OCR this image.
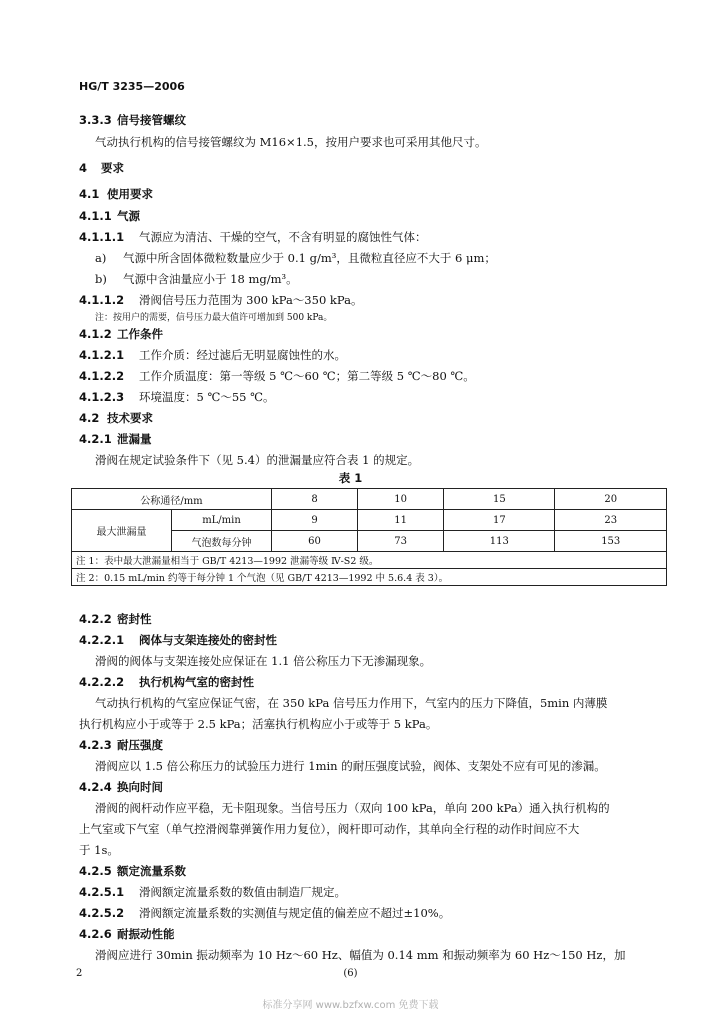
HG/T 3235—2006
3.3.3 信号接管螺纹
气动执行机构的信号接管螺纹为 M16×1.5，按用户要求也可采用其他尺寸。
4 要求
4.1 使用要求
4.1.1 气源
4.1.1.1 气源应为清洁、干燥的空气，不含有明显的腐蚀性气体：
a) 气源中所含固体微粒数量应少于 0.1 g/m³，且微粒直径应不大于 6 μm；
b) 气源中含油量应小于 18 mg/m³。
4.1.1.2 滑阀信号压力范围为 300 kPa～350 kPa。
注：按用户的需要，信号压力最大值许可增加到 500 kPa。
4.1.2 工作条件
4.1.2.1 工作介质：经过滤后无明显腐蚀性的水。
4.1.2.2 工作介质温度：第一等级 5 ℃～60 ℃；第二等级 5 ℃～80 ℃。
4.1.2.3 环境温度：5 ℃～55 ℃。
4.2 技术要求
4.2.1 泄漏量
滑阀在规定试验条件下（见 5.4）的泄漏量应符合表 1 的规定。
表 1
公称通径/mm		8	10	15	20
最大泄漏量	mL/min	9	11	17	23
	气泡数每分钟	60	73	113	153
注 1：表中最大泄漏量相当于 GB/T 4213—1992 泄漏等级 Ⅳ-S2 级。					
注 2：0.15 mL/min 约等于每分钟 1 个气泡（见 GB/T 4213—1992 中 5.6.4 表 3）。					
4.2.2 密封性
4.2.2.1 阀体与支架连接处的密封性
滑阀的阀体与支架连接处应保证在 1.1 倍公称压力下无渗漏现象。
4.2.2.2 执行机构气室的密封性
气动执行机构的气室应保证气密，在 350 kPa 信号压力作用下，气室内的压力下降值，5min 内薄膜
执行机构应小于或等于 2.5 kPa；活塞执行机构应小于或等于 5 kPa。
4.2.3 耐压强度
滑阀应以 1.5 倍公称压力的试验压力进行 1min 的耐压强度试验，阀体、支架处不应有可见的渗漏。
4.2.4 换向时间
滑阀的阀杆动作应平稳，无卡阻现象。当信号压力（双向 100 kPa，单向 200 kPa）通入执行机构的
上气室或下气室（单气控滑阀靠弹簧作用力复位），阀杆即可动作，其单向全行程的动作时间应不大
于 1s。
4.2.5 额定流量系数
4.2.5.1 滑阀额定流量系数的数值由制造厂规定。
4.2.5.2 滑阀额定流量系数的实测值与规定值的偏差应不超过±10%。
4.2.6 耐振动性能
滑阀应进行 30min 振动频率为 10 Hz～60 Hz、幅值为 0.14 mm 和振动频率为 60 Hz～150 Hz，加
2	(6)
标准分享网 www.bzfxw.com 免费下载
